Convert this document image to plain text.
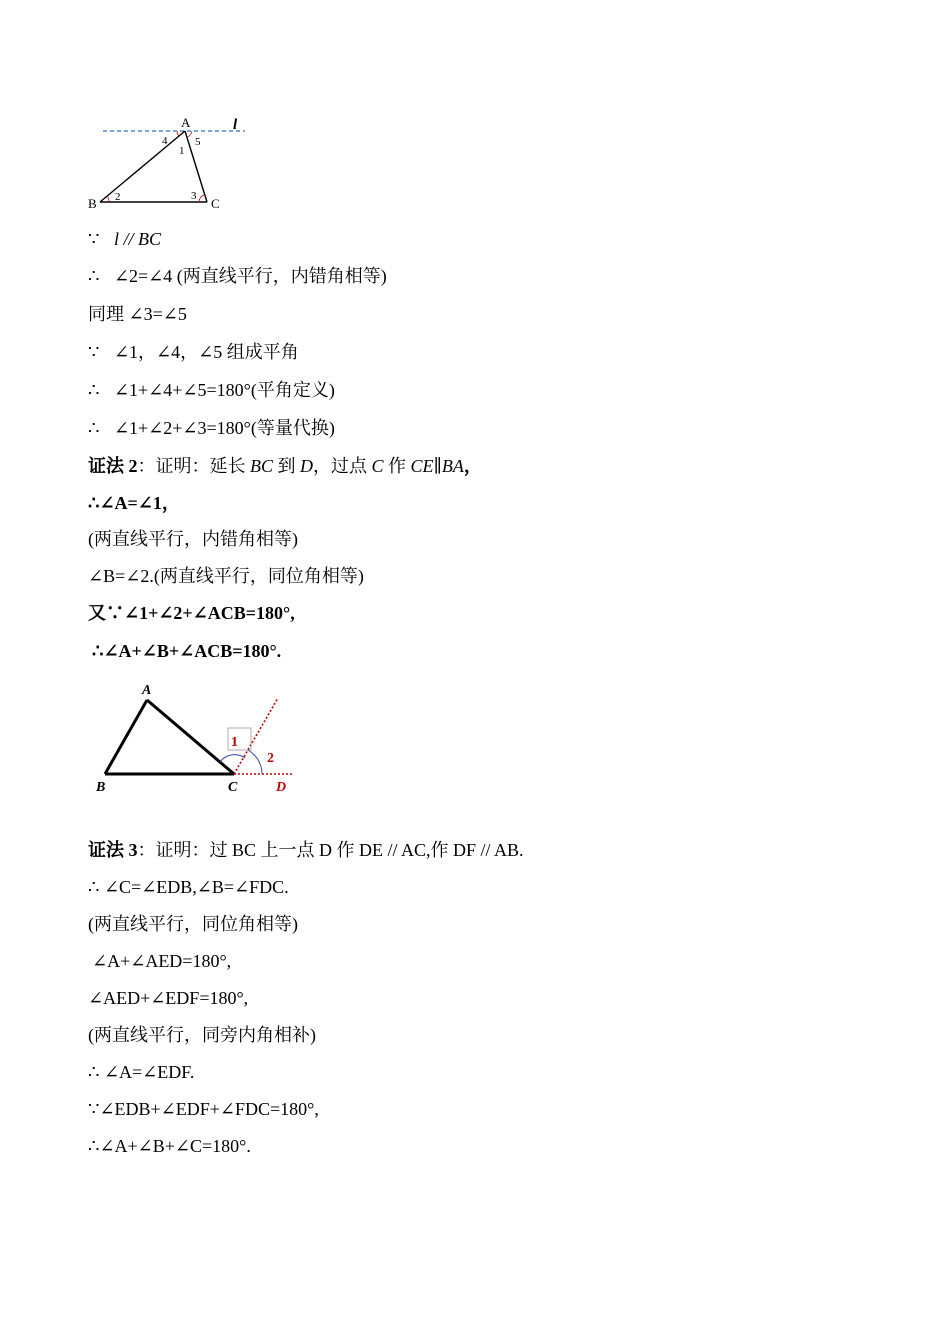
A	l
B	C
4	5
1
2	3
∵ l // BC
∴ ∠2=∠4 (两直线平行，内错角相等)
同理 ∠3=∠5
∵ ∠1，∠4，∠5 组成平角
∴ ∠1+∠4+∠5=180°(平角定义)
∴ ∠1+∠2+∠3=180°(等量代换)
证法 2：证明：延长 BC 到 D，过点 C 作 CE∥BA，
∴∠A=∠1，
(两直线平行，内错角相等)
∠B=∠2.(两直线平行，同位角相等)
又∵∠1+∠2+∠ACB=180°,
∴∠A+∠B+∠ACB=180°.
A
B	C	D
1
2
证法 3：证明：过 BC 上一点 D 作 DE // AC,作 DF // AB.
∴ ∠C=∠EDB,∠B=∠FDC.
(两直线平行，同位角相等)
∠A+∠AED=180°,
∠AED+∠EDF=180°,
(两直线平行，同旁内角相补)
∴ ∠A=∠EDF.
∵∠EDB+∠EDF+∠FDC=180°,
∴∠A+∠B+∠C=180°.
